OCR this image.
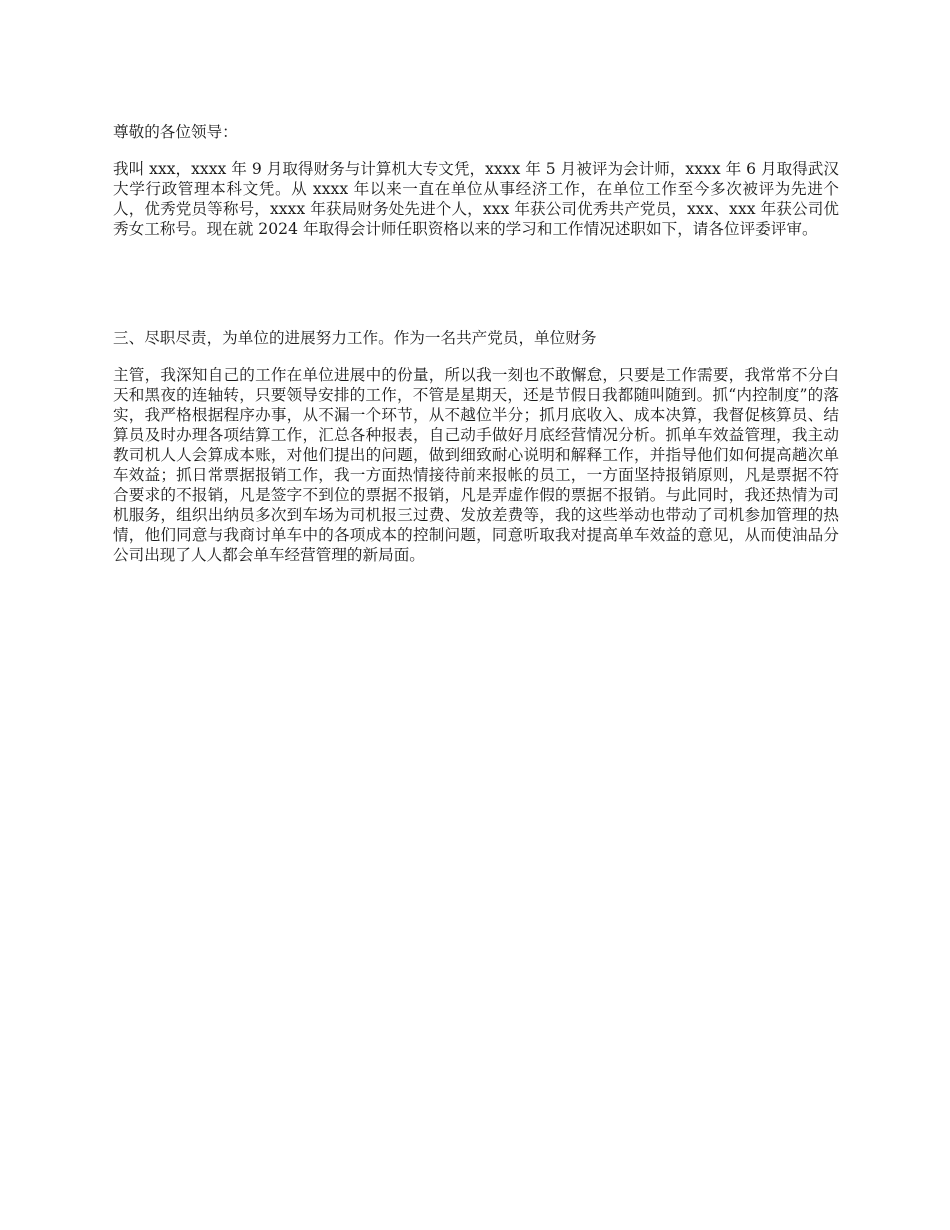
尊敬的各位领导：

我叫 xxx，xxxx 年 9 月取得财务与计算机大专文凭，xxxx 年 5 月被评为会计师，xxxx 年 6 月取得武汉大学行政管理本科文凭。从 xxxx 年以来一直在单位从事经济工作，在单位工作至今多次被评为先进个人，优秀党员等称号，xxxx 年获局财务处先进个人，xxx 年获公司优秀共产党员，xxx、xxx 年获公司优秀女工称号。现在就 2024 年取得会计师任职资格以来的学习和工作情况述职如下，请各位评委评审。

三、尽职尽责，为单位的进展努力工作。作为一名共产党员，单位财务

主管，我深知自己的工作在单位进展中的份量，所以我一刻也不敢懈怠，只要是工作需要，我常常不分白天和黑夜的连轴转，只要领导安排的工作，不管是星期天，还是节假日我都随叫随到。抓“内控制度”的落实，我严格根据程序办事，从不漏一个环节，从不越位半分；抓月底收入、成本决算，我督促核算员、结算员及时办理各项结算工作，汇总各种报表，自己动手做好月底经营情况分析。抓单车效益管理，我主动教司机人人会算成本账，对他们提出的问题，做到细致耐心说明和解释工作，并指导他们如何提高趟次单车效益；抓日常票据报销工作，我一方面热情接待前来报帐的员工，一方面坚持报销原则，凡是票据不符合要求的不报销，凡是签字不到位的票据不报销，凡是弄虚作假的票据不报销。与此同时，我还热情为司机服务，组织出纳员多次到车场为司机报三过费、发放差费等，我的这些举动也带动了司机参加管理的热情，他们同意与我商讨单车中的各项成本的控制问题，同意听取我对提高单车效益的意见，从而使油品分公司出现了人人都会单车经营管理的新局面。
